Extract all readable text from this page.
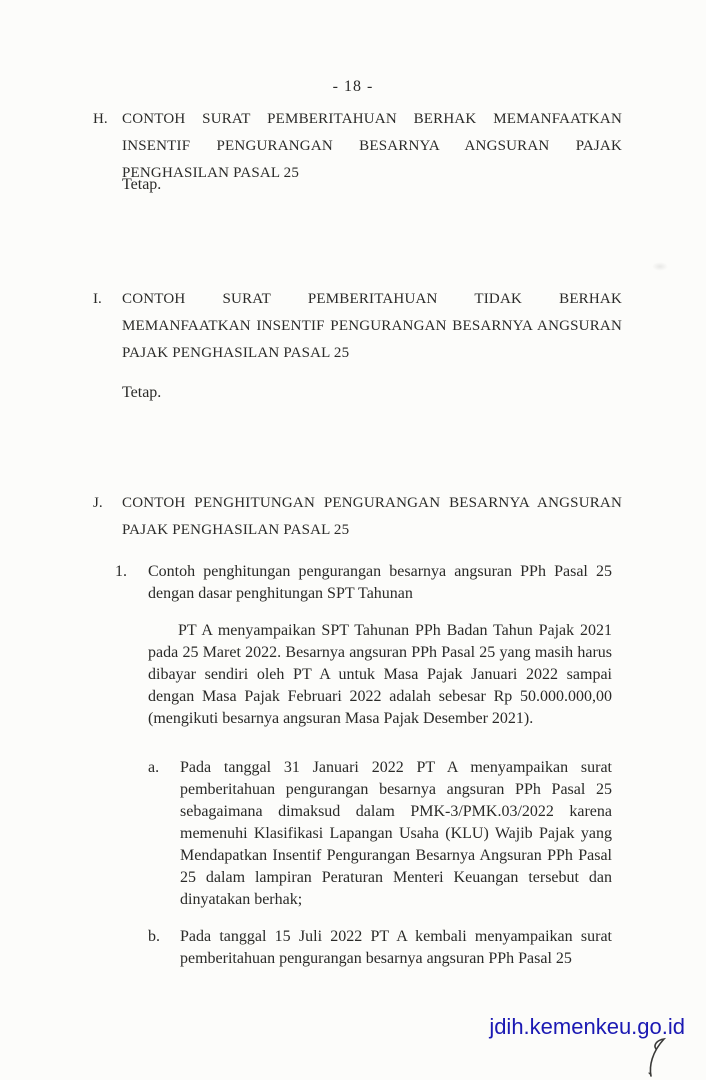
- 18 -
H. CONTOH SURAT PEMBERITAHUAN BERHAK MEMANFAATKAN INSENTIF PENGURANGAN BESARNYA ANGSURAN PAJAK PENGHASILAN PASAL 25
Tetap.
I.	CONTOH SURAT PEMBERITAHUAN TIDAK BERHAK MEMANFAATKAN INSENTIF PENGURANGAN BESARNYA ANGSURAN PAJAK PENGHASILAN PASAL 25
Tetap.
J.	CONTOH PENGHITUNGAN PENGURANGAN BESARNYA ANGSURAN PAJAK PENGHASILAN PASAL 25
1.	Contoh penghitungan pengurangan besarnya angsuran PPh Pasal 25 dengan dasar penghitungan SPT Tahunan
PT A menyampaikan SPT Tahunan PPh Badan Tahun Pajak 2021 pada 25 Maret 2022. Besarnya angsuran PPh Pasal 25 yang masih harus dibayar sendiri oleh PT A untuk Masa Pajak Januari 2022 sampai dengan Masa Pajak Februari 2022 adalah sebesar Rp 50.000.000,00 (mengikuti besarnya angsuran Masa Pajak Desember 2021).
a.	Pada tanggal 31 Januari 2022 PT A menyampaikan surat pemberitahuan pengurangan besarnya angsuran PPh Pasal 25 sebagaimana dimaksud dalam PMK-3/PMK.03/2022 karena memenuhi Klasifikasi Lapangan Usaha (KLU) Wajib Pajak yang Mendapatkan Insentif Pengurangan Besarnya Angsuran PPh Pasal 25 dalam lampiran Peraturan Menteri Keuangan tersebut dan dinyatakan berhak;
b.	Pada tanggal 15 Juli 2022 PT A kembali menyampaikan surat pemberitahuan pengurangan besarnya angsuran PPh Pasal 25
jdih.kemenkeu.go.id
